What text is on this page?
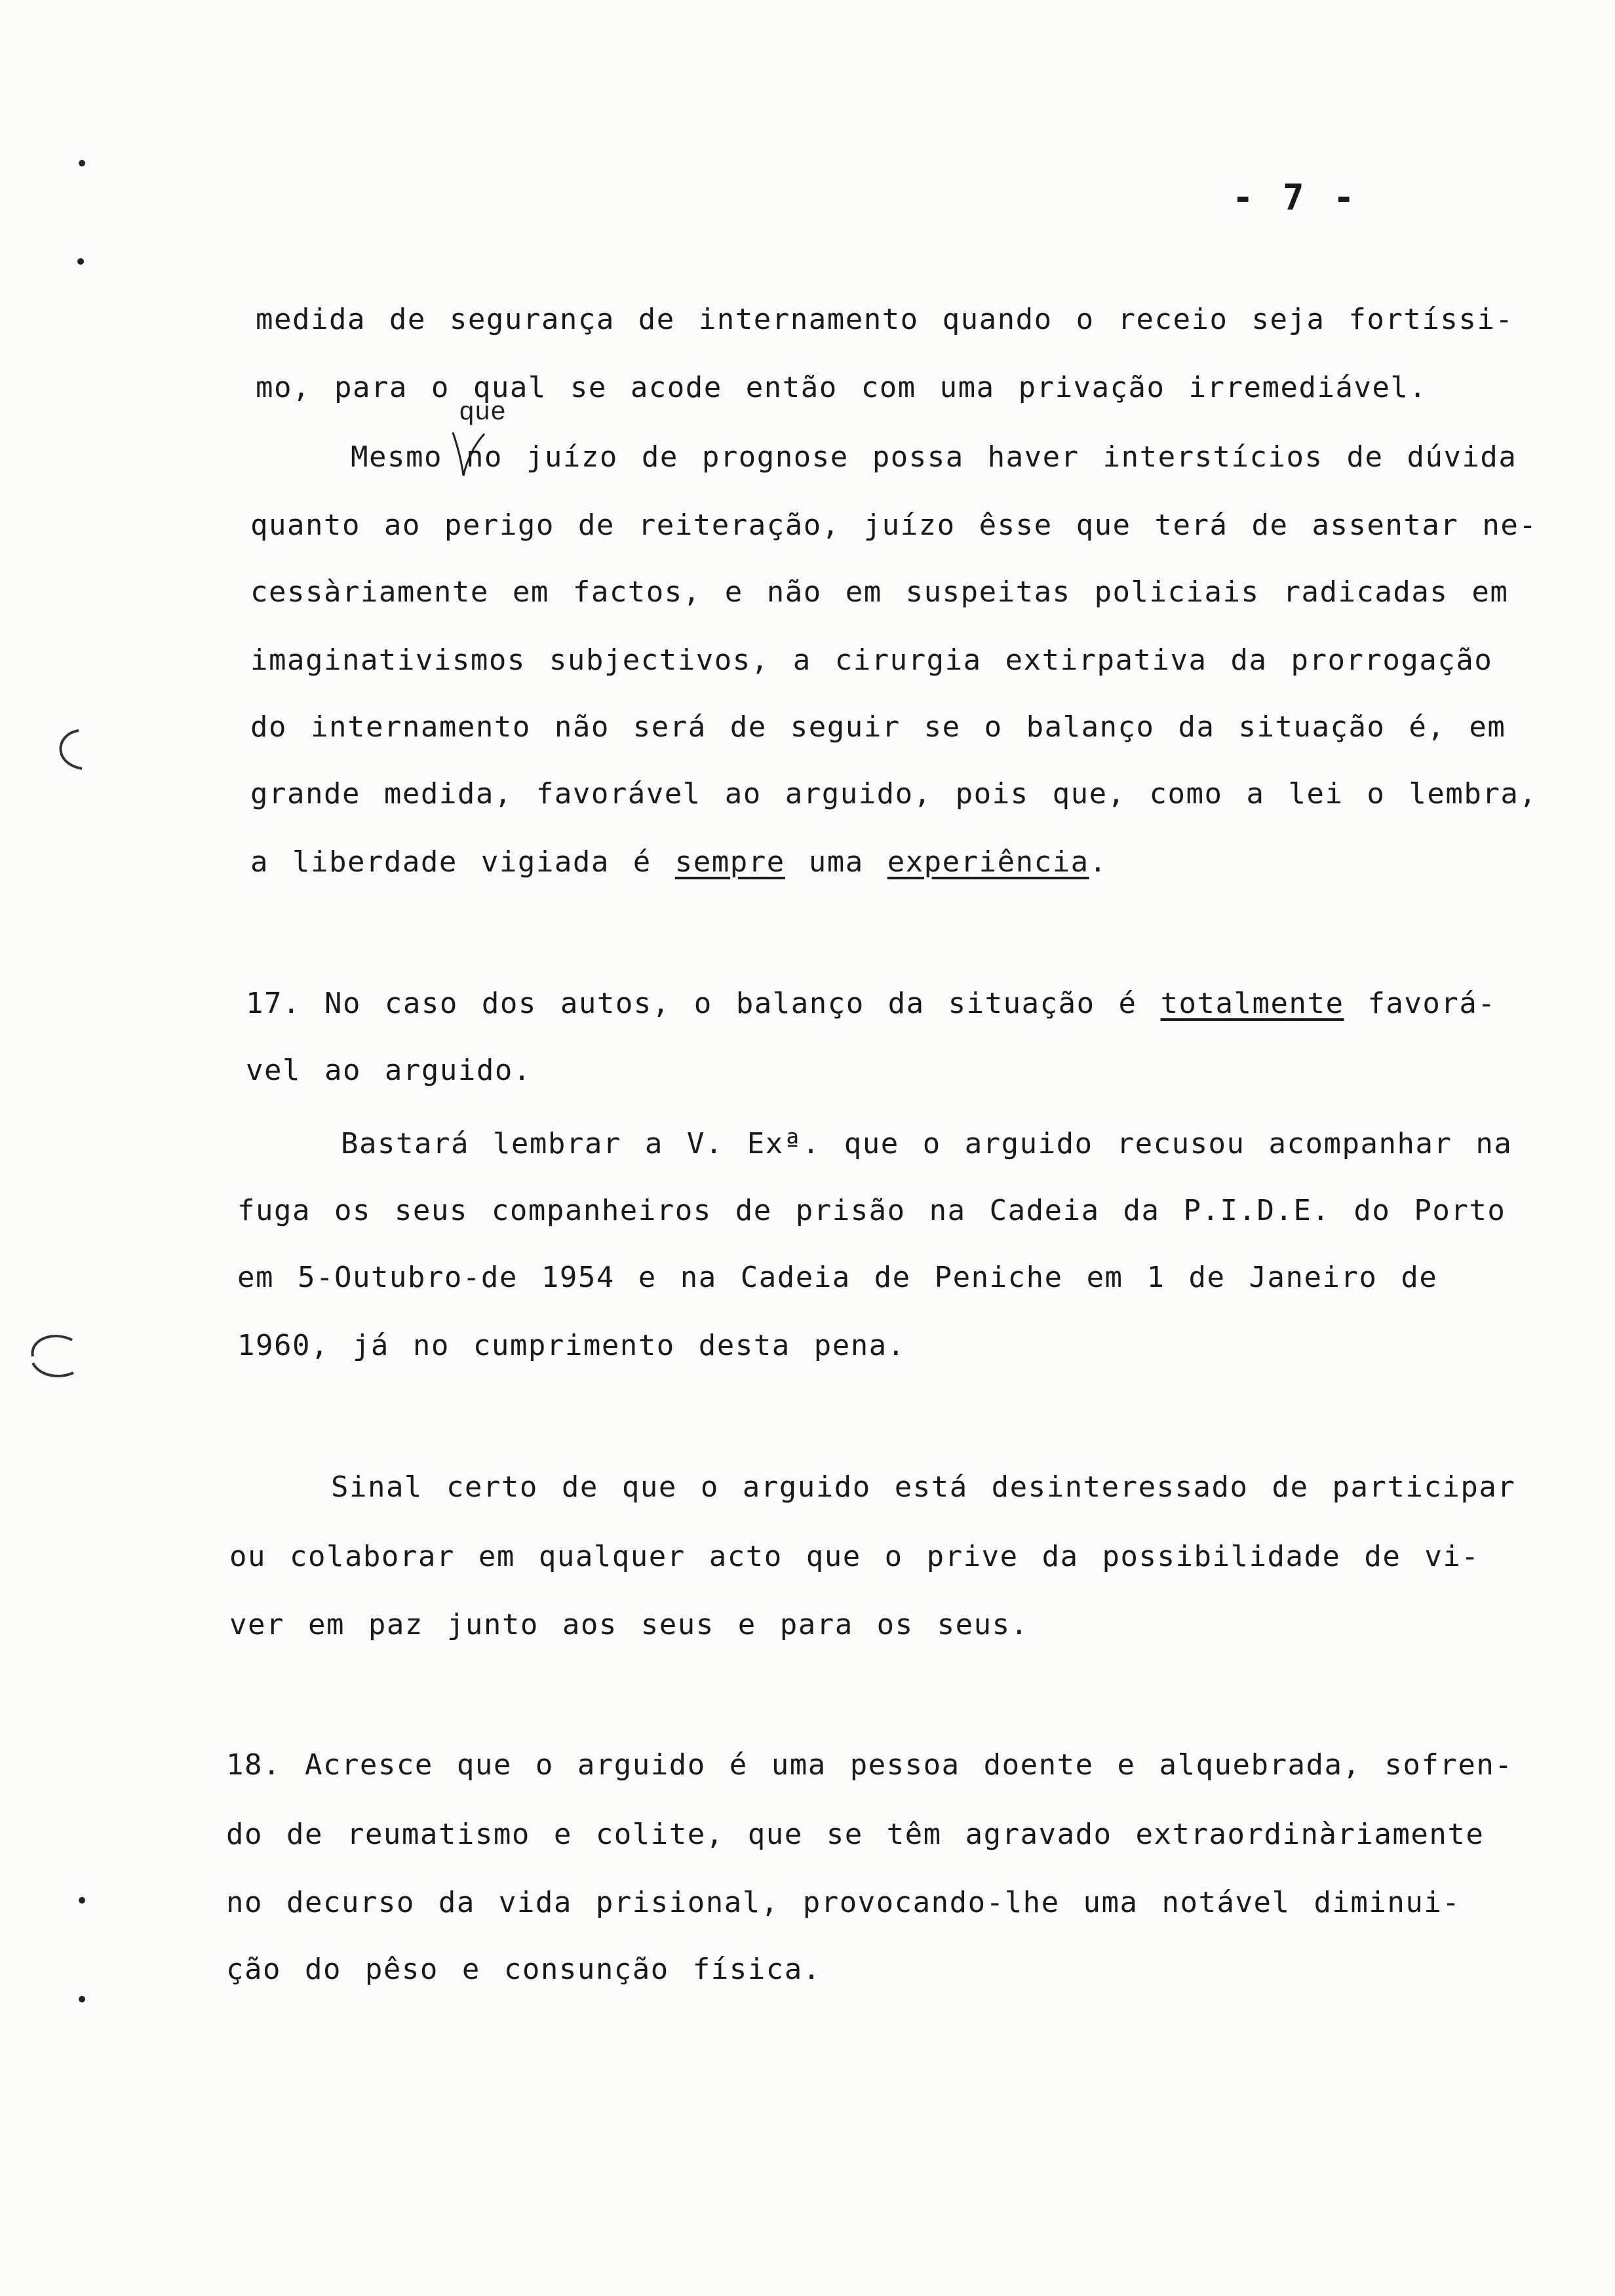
- 7 -
que
medida de segurança de internamento quando o receio seja fortíssi-
mo, para o qual se acode então com uma privação irremediável.
Mesmo no juízo de prognose possa haver interstícios de dúvida
quanto ao perigo de reiteração, juízo êsse que terá de assentar ne-
cessàriamente em factos, e não em suspeitas policiais radicadas em
imaginativismos subjectivos, a cirurgia extirpativa da prorrogação
do internamento não será de seguir se o balanço da situação é, em
grande medida, favorável ao arguido, pois que, como a lei o lembra,
a liberdade vigiada é sempre uma experiência.
17. No caso dos autos, o balanço da situação é totalmente favorá-
vel ao arguido.
Bastará lembrar a V. Exª. que o arguido recusou acompanhar na
fuga os seus companheiros de prisão na Cadeia da P.I.D.E. do Porto
em 5-Outubro-de 1954 e na Cadeia de Peniche em 1 de Janeiro de
1960, já no cumprimento desta pena.
Sinal certo de que o arguido está desinteressado de participar
ou colaborar em qualquer acto que o prive da possibilidade de vi-
ver em paz junto aos seus e para os seus.
18. Acresce que o arguido é uma pessoa doente e alquebrada, sofren-
do de reumatismo e colite, que se têm agravado extraordinàriamente
no decurso da vida prisional, provocando-lhe uma notável diminui-
ção do pêso e consunção física.
